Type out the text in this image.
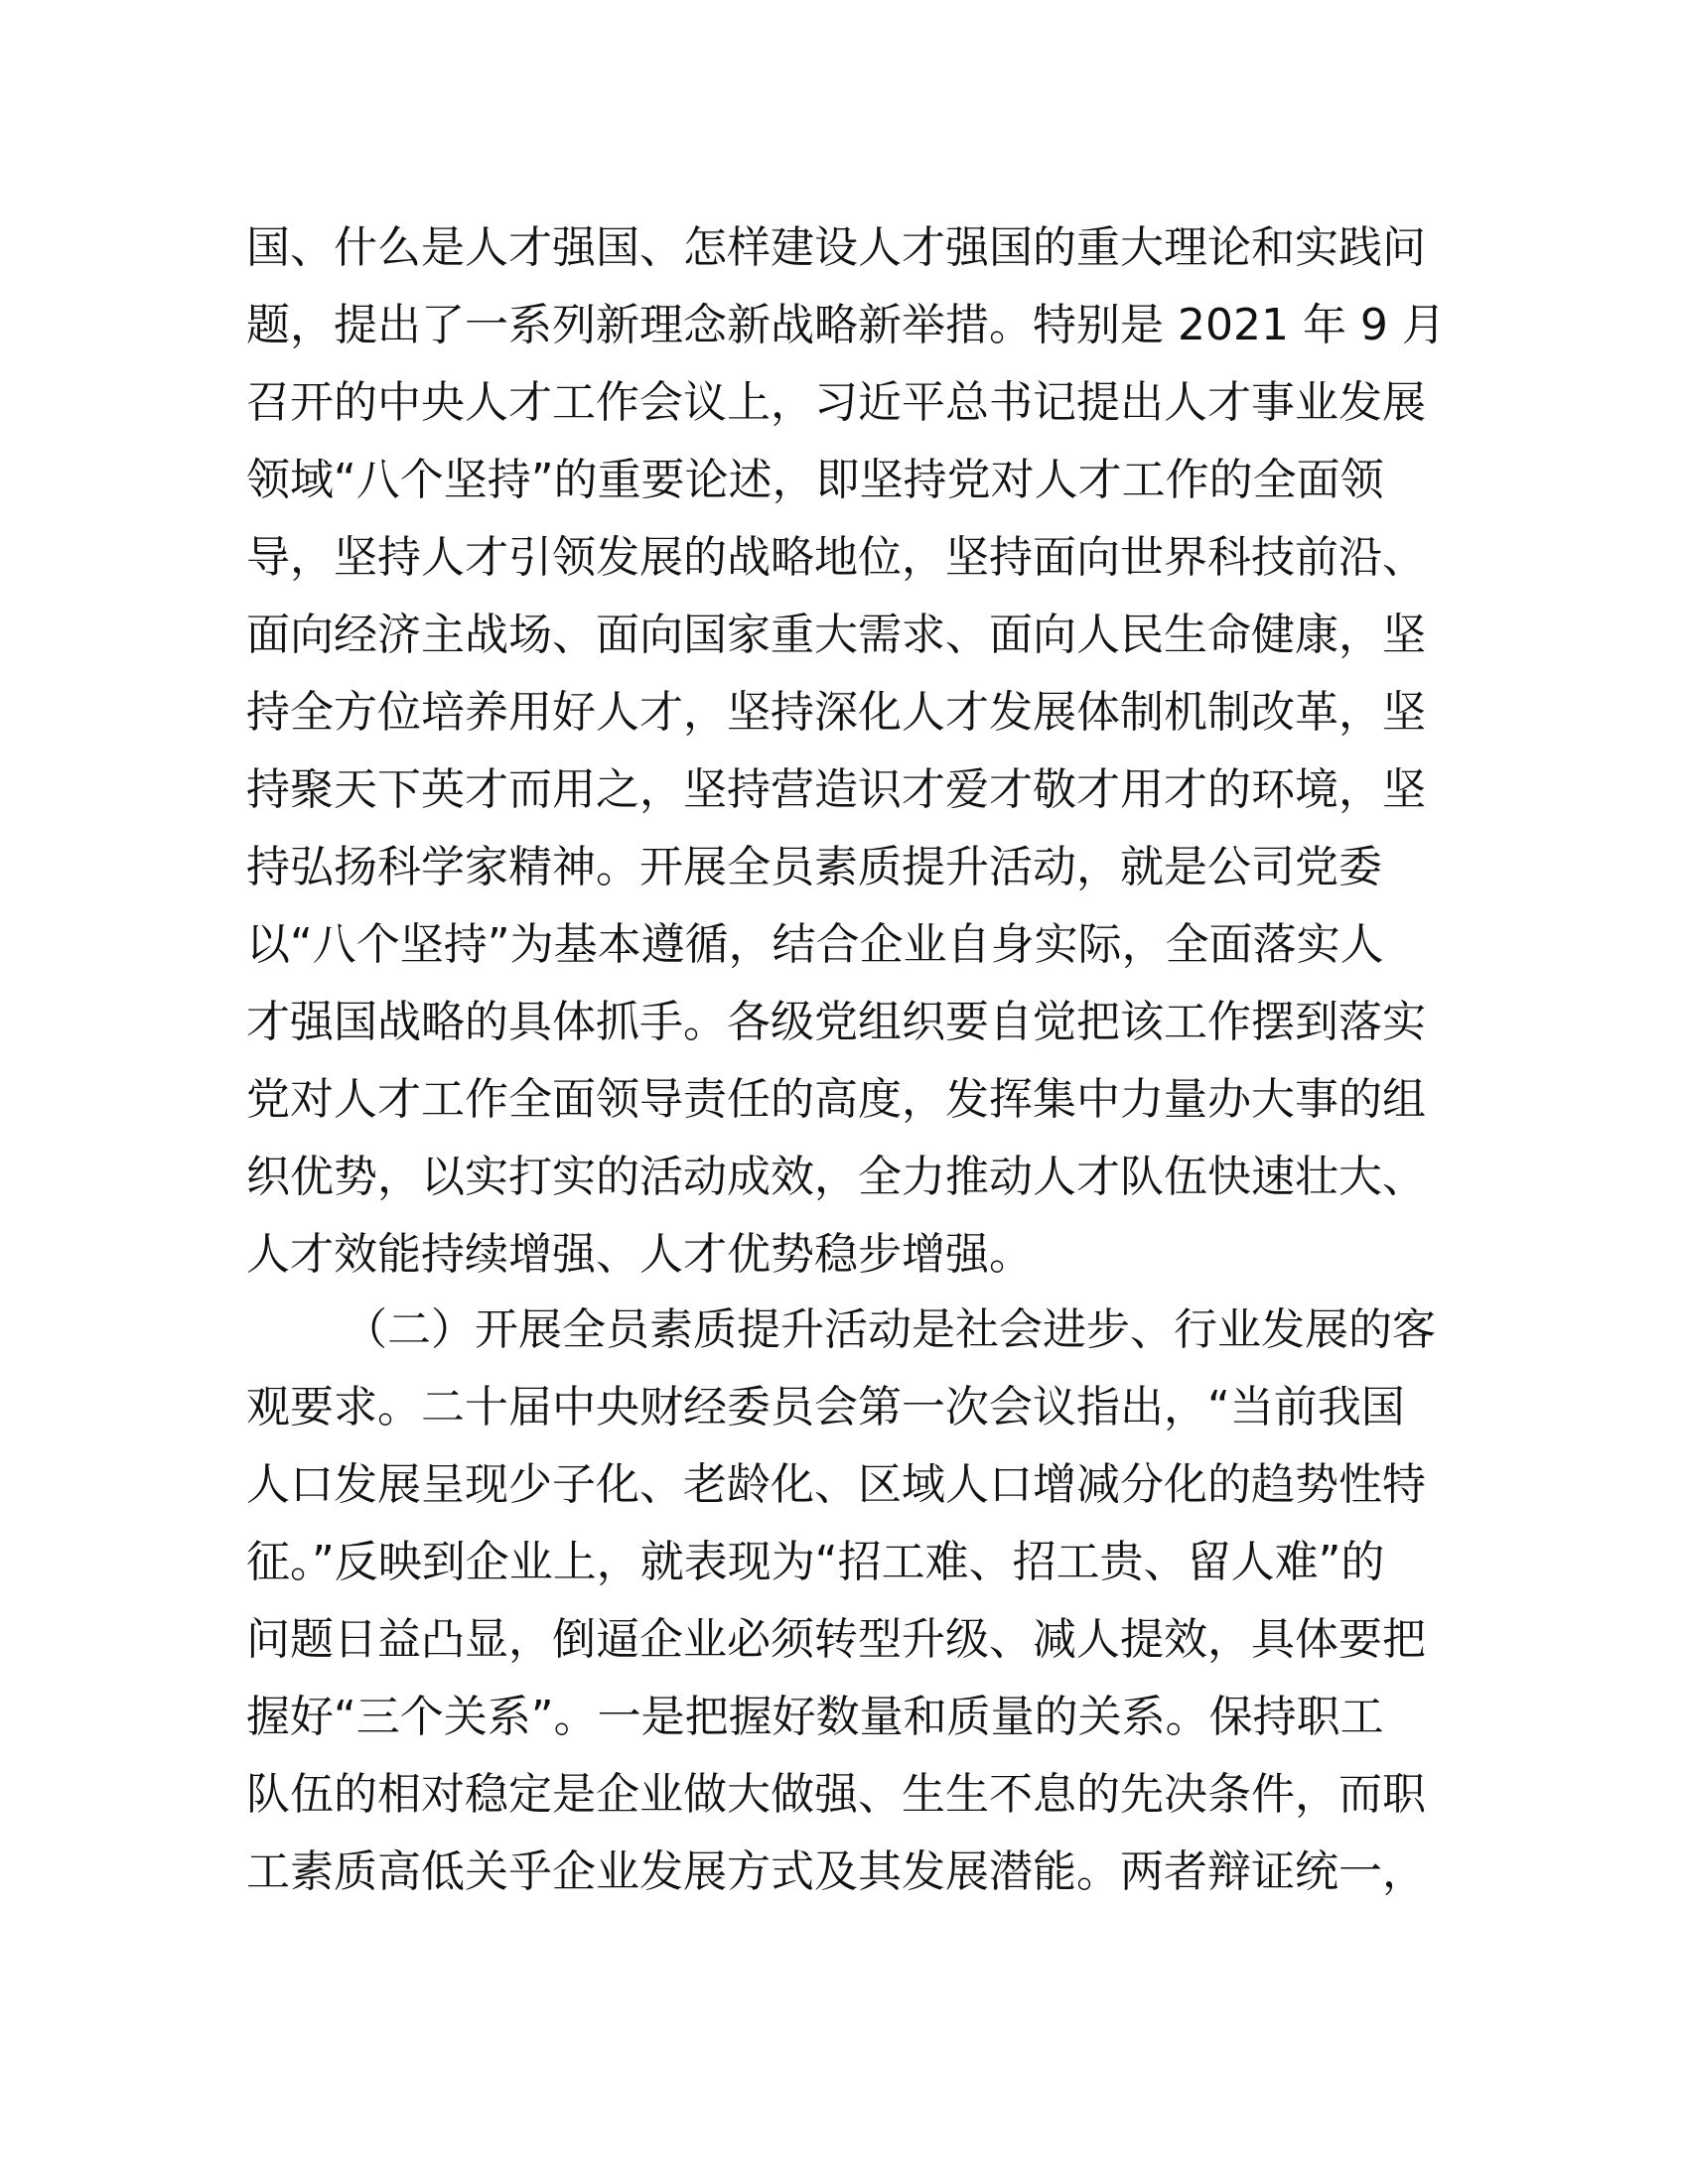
国、什么是人才强国、怎样建设人才强国的重大理论和实践问
题，提出了一系列新理念新战略新举措。特别是 2021 年 9 月
召开的中央人才工作会议上，习近平总书记提出人才事业发展
领域“八个坚持”的重要论述，即坚持党对人才工作的全面领
导，坚持人才引领发展的战略地位，坚持面向世界科技前沿、
面向经济主战场、面向国家重大需求、面向人民生命健康，坚
持全方位培养用好人才，坚持深化人才发展体制机制改革，坚
持聚天下英才而用之，坚持营造识才爱才敬才用才的环境，坚
持弘扬科学家精神。开展全员素质提升活动，就是公司党委
以“八个坚持”为基本遵循，结合企业自身实际，全面落实人
才强国战略的具体抓手。各级党组织要自觉把该工作摆到落实
党对人才工作全面领导责任的高度，发挥集中力量办大事的组
织优势，以实打实的活动成效，全力推动人才队伍快速壮大、
人才效能持续增强、人才优势稳步增强。
（二）开展全员素质提升活动是社会进步、行业发展的客
观要求。二十届中央财经委员会第一次会议指出，“当前我国
人口发展呈现少子化、老龄化、区域人口增减分化的趋势性特
征。”反映到企业上，就表现为“招工难、招工贵、留人难”的
问题日益凸显，倒逼企业必须转型升级、减人提效，具体要把
握好“三个关系”。一是把握好数量和质量的关系。保持职工
队伍的相对稳定是企业做大做强、生生不息的先决条件，而职
工素质高低关乎企业发展方式及其发展潜能。两者辩证统一，
